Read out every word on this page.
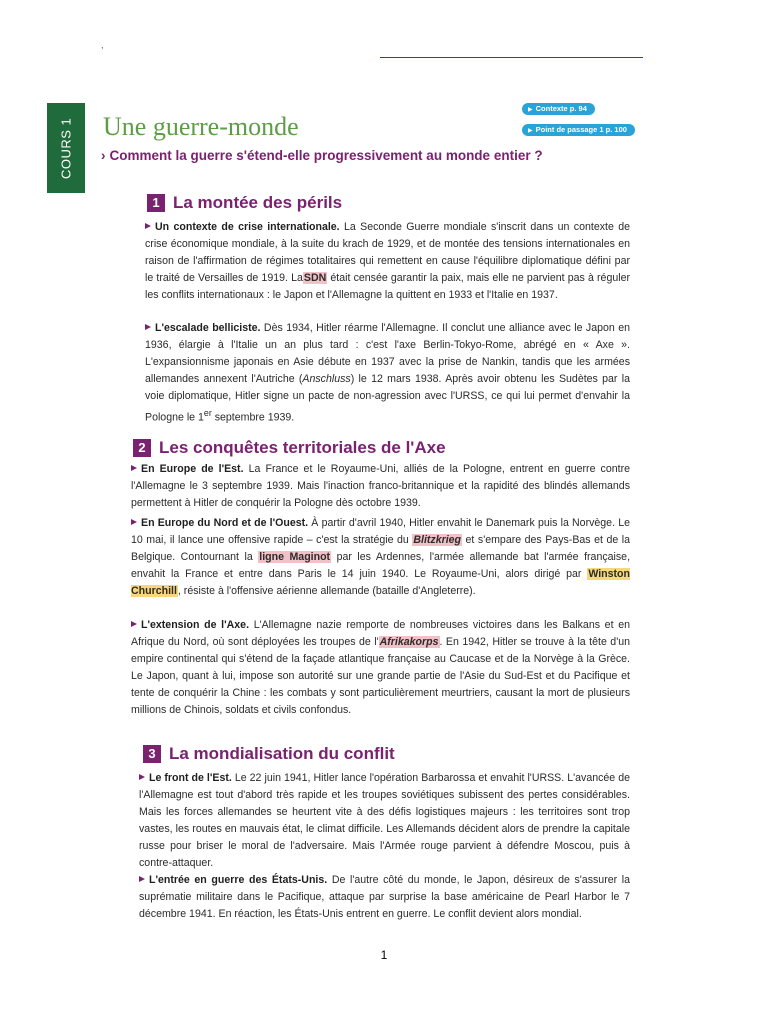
,
COURS 1	Une guerre-monde
▶ Contexte p. 94
▶ Point de passage 1 p. 100

› Comment la guerre s'étend-elle progressivement au monde entier ?

1 La montée des périls

Un contexte de crise internationale. La Seconde Guerre mondiale s'inscrit dans un contexte de crise économique mondiale, à la suite du krach de 1929, et de montée des tensions internationales en raison de l'affirmation de régimes totalitaires qui remettent en cause l'équilibre diplomatique défini par le traité de Versailles de 1919. LaSDN était censée garantir la paix, mais elle ne parvient pas à réguler les conflits internationaux : le Japon et l'Allemagne la quittent en 1933 et l'Italie en 1937.

L'escalade belliciste. Dès 1934, Hitler réarme l'Allemagne. Il conclut une alliance avec le Japon en 1936, élargie à l'Italie un an plus tard : c'est l'axe Berlin-Tokyo-Rome, abrégé en « Axe ». L'expansionnisme japonais en Asie débute en 1937 avec la prise de Nankin, tandis que les armées allemandes annexent l'Autriche (Anschluss) le 12 mars 1938. Après avoir obtenu les Sudètes par la voie diplomatique, Hitler signe un pacte de non-agression avec l'URSS, ce qui lui permet d'envahir la Pologne le 1er septembre 1939.

2 Les conquêtes territoriales de l'Axe

En Europe de l'Est. La France et le Royaume-Uni, alliés de la Pologne, entrent en guerre contre l'Allemagne le 3 septembre 1939. Mais l'inaction franco-britannique et la rapidité des blindés allemands permettent à Hitler de conquérir la Pologne dès octobre 1939.

En Europe du Nord et de l'Ouest. À partir d'avril 1940, Hitler envahit le Danemark puis la Norvège. Le 10 mai, il lance une offensive rapide – c'est la stratégie du Blitzkrieg et s'empare des Pays-Bas et de la Belgique. Contournant la ligne Maginot par les Ardennes, l'armée allemande bat l'armée française, envahit la France et entre dans Paris le 14 juin 1940. Le Royaume-Uni, alors dirigé par Winston Churchill, résiste à l'offensive aérienne allemande (bataille d'Angleterre).

L'extension de l'Axe. L'Allemagne nazie remporte de nombreuses victoires dans les Balkans et en Afrique du Nord, où sont déployées les troupes de l'Afrikakorps. En 1942, Hitler se trouve à la tête d'un empire continental qui s'étend de la façade atlantique française au Caucase et de la Norvège à la Grèce. Le Japon, quant à lui, impose son autorité sur une grande partie de l'Asie du Sud-Est et du Pacifique et tente de conquérir la Chine : les combats y sont particulièrement meurtriers, causant la mort de plusieurs millions de Chinois, soldats et civils confondus.

3 La mondialisation du conflit

Le front de l'Est. Le 22 juin 1941, Hitler lance l'opération Barbarossa et envahit l'URSS. L'avancée de l'Allemagne est tout d'abord très rapide et les troupes soviétiques subissent des pertes considérables. Mais les forces allemandes se heurtent vite à des défis logistiques majeurs : les territoires sont trop vastes, les routes en mauvais état, le climat difficile. Les Allemands décident alors de prendre la capitale russe pour briser le moral de l'adversaire. Mais l'Armée rouge parvient à défendre Moscou, puis à contre-attaquer.

L'entrée en guerre des États-Unis. De l'autre côté du monde, le Japon, désireux de s'assurer la suprématie militaire dans le Pacifique, attaque par surprise la base américaine de Pearl Harbor le 7 décembre 1941. En réaction, les États-Unis entrent en guerre. Le conflit devient alors mondial.

1
